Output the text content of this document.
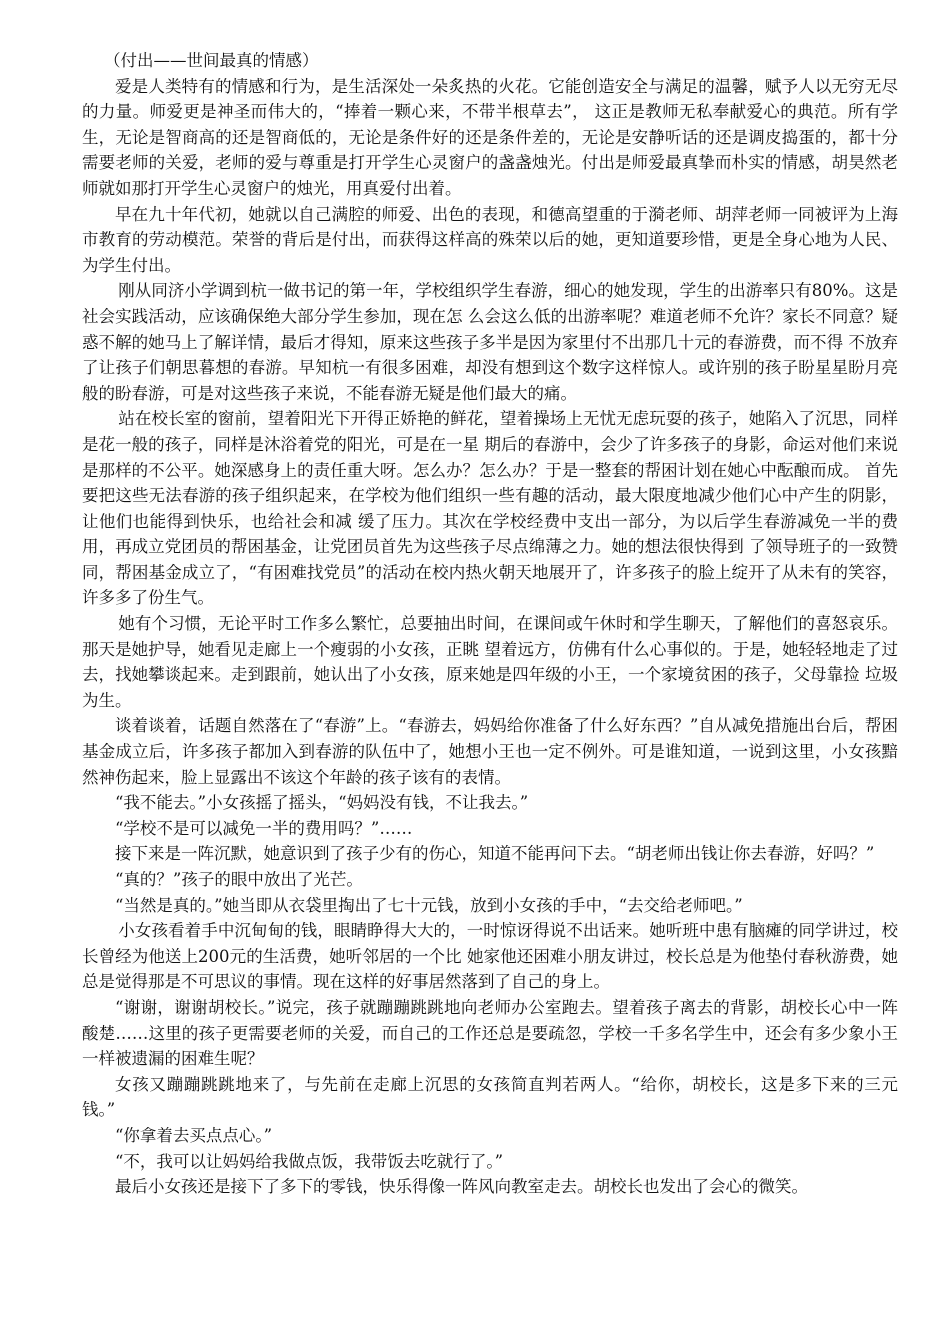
（付出——世间最真的情感）

爱是人类特有的情感和行为，是生活深处一朵炙热的火花。它能创造安全与满足的温馨，赋予人以无穷无尽的力量。师爱更是神圣而伟大的，“捧着一颗心来，不带半根草去”， 这正是教师无私奉献爱心的典范。所有学生，无论是智商高的还是智商低的，无论是条件好的还是条件差的，无论是安静听话的还是调皮捣蛋的，都十分需要老师的关爱，老师的爱与尊重是打开学生心灵窗户的盏盏烛光。付出是师爱最真挚而朴实的情感，胡昊然老师就如那打开学生心灵窗户的烛光，用真爱付出着。

早在九十年代初，她就以自己满腔的师爱、出色的表现，和德高望重的于漪老师、胡萍老师一同被评为上海市教育的劳动模范。荣誉的背后是付出，而获得这样高的殊荣以后的她，更知道要珍惜，更是全身心地为人民、为学生付出。

刚从同济小学调到杭一做书记的第一年，学校组织学生春游，细心的她发现，学生的出游率只有80%。这是社会实践活动，应该确保绝大部分学生参加，现在怎 么会这么低的出游率呢？难道老师不允许？家长不同意？疑惑不解的她马上了解详情，最后才得知，原来这些孩子多半是因为家里付不出那几十元的春游费，而不得 不放弃了让孩子们朝思暮想的春游。早知杭一有很多困难，却没有想到这个数字这样惊人。或许别的孩子盼星星盼月亮般的盼春游，可是对这些孩子来说，不能春游无疑是他们最大的痛。

站在校长室的窗前，望着阳光下开得正娇艳的鲜花，望着操场上无忧无虑玩耍的孩子，她陷入了沉思，同样是花一般的孩子，同样是沐浴着党的阳光，可是在一星 期后的春游中，会少了许多孩子的身影，命运对他们来说是那样的不公平。她深感身上的责任重大呀。怎么办？怎么办？于是一整套的帮困计划在她心中酝酿而成。 首先要把这些无法春游的孩子组织起来，在学校为他们组织一些有趣的活动，最大限度地减少他们心中产生的阴影，让他们也能得到快乐，也给社会和减 缓了压力。其次在学校经费中支出一部分，为以后学生春游减免一半的费用，再成立党团员的帮困基金，让党团员首先为这些孩子尽点绵薄之力。她的想法很快得到 了领导班子的一致赞同，帮困基金成立了，“有困难找党员”的活动在校内热火朝天地展开了，许多孩子的脸上绽开了从未有的笑容，许多多了份生气。

她有个习惯，无论平时工作多么繁忙，总要抽出时间，在课间或午休时和学生聊天，了解他们的喜怒哀乐。那天是她护导，她看见走廊上一个瘦弱的小女孩，正眺 望着远方，仿佛有什么心事似的。于是，她轻轻地走了过去，找她攀谈起来。走到跟前，她认出了小女孩，原来她是四年级的小王，一个家境贫困的孩子，父母靠捡 垃圾为生。

谈着谈着，话题自然落在了“春游”上。“春游去，妈妈给你准备了什么好东西？”自从减免措施出台后，帮困基金成立后，许多孩子都加入到春游的队伍中了，她想小王也一定不例外。可是谁知道，一说到这里，小女孩黯然神伤起来，脸上显露出不该这个年龄的孩子该有的表情。

“我不能去。”小女孩摇了摇头，“妈妈没有钱，不让我去。”

“学校不是可以减免一半的费用吗？”……

接下来是一阵沉默，她意识到了孩子少有的伤心，知道不能再问下去。“胡老师出钱让你去春游，好吗？”

“真的？”孩子的眼中放出了光芒。

“当然是真的。”她当即从衣袋里掏出了七十元钱，放到小女孩的手中，“去交给老师吧。”

小女孩看着手中沉甸甸的钱，眼睛睁得大大的，一时惊讶得说不出话来。她听班中患有脑瘫的同学讲过，校长曾经为他送上200元的生活费，她听邻居的一个比 她家他还困难小朋友讲过，校长总是为他垫付春秋游费，她总是觉得那是不可思议的事情。现在这样的好事居然落到了自己的身上。

“谢谢，谢谢胡校长。”说完，孩子就蹦蹦跳跳地向老师办公室跑去。望着孩子离去的背影，胡校长心中一阵酸楚……这里的孩子更需要老师的关爱，而自己的工作还总是要疏忽，学校一千多名学生中，还会有多少象小王一样被遗漏的困难生呢？

女孩又蹦蹦跳跳地来了，与先前在走廊上沉思的女孩简直判若两人。“给你，胡校长，这是多下来的三元钱。”

“你拿着去买点点心。”

“不，我可以让妈妈给我做点饭，我带饭去吃就行了。”

最后小女孩还是接下了多下的零钱，快乐得像一阵风向教室走去。胡校长也发出了会心的微笑。
